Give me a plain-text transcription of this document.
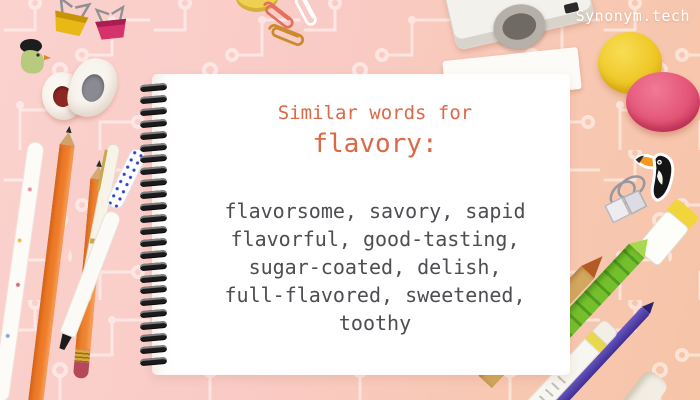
Synonym.tech
Similar words for
flavory:
flavorsome, savory, sapid
flavorful, good-tasting,
sugar-coated, delish,
full-flavored, sweetened,
toothy
